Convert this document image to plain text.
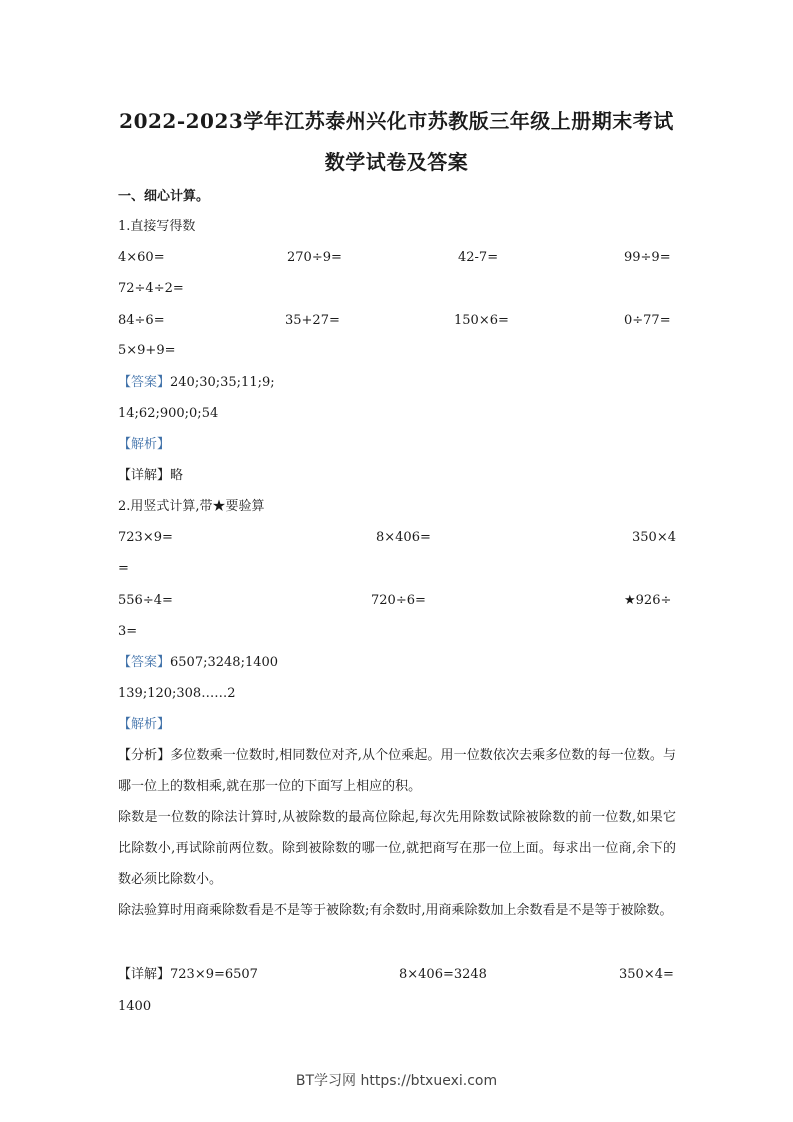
2022-2023学年江苏泰州兴化市苏教版三年级上册期末考试
数学试卷及答案
一、细心计算。
1.直接写得数
4×60=	270÷9=	42-7=	99÷9=
72÷4÷2=
84÷6=	35+27=	150×6=	0÷77=
5×9+9=
【答案】240;30;35;11;9;
14;62;900;0;54
【解析】
【详解】略
2.用竖式计算,带★要验算
723×9=	8×406=	350×4
=
556÷4=	720÷6=	★926÷
3=
【答案】6507;3248;1400
139;120;308……2
【解析】
【分析】多位数乘一位数时,相同数位对齐,从个位乘起。用一位数依次去乘多位数的每一位数。与哪一位上的数相乘,就在那一位的下面写上相应的积。
除数是一位数的除法计算时,从被除数的最高位除起,每次先用除数试除被除数的前一位数,如果它比除数小,再试除前两位数。除到被除数的哪一位,就把商写在那一位上面。每求出一位商,余下的数必须比除数小。
除法验算时用商乘除数看是不是等于被除数;有余数时,用商乘除数加上余数看是不是等于被除数。
【详解】723×9=6507	8×406=3248	350×4=
1400
BT学习网 https://btxuexi.com
